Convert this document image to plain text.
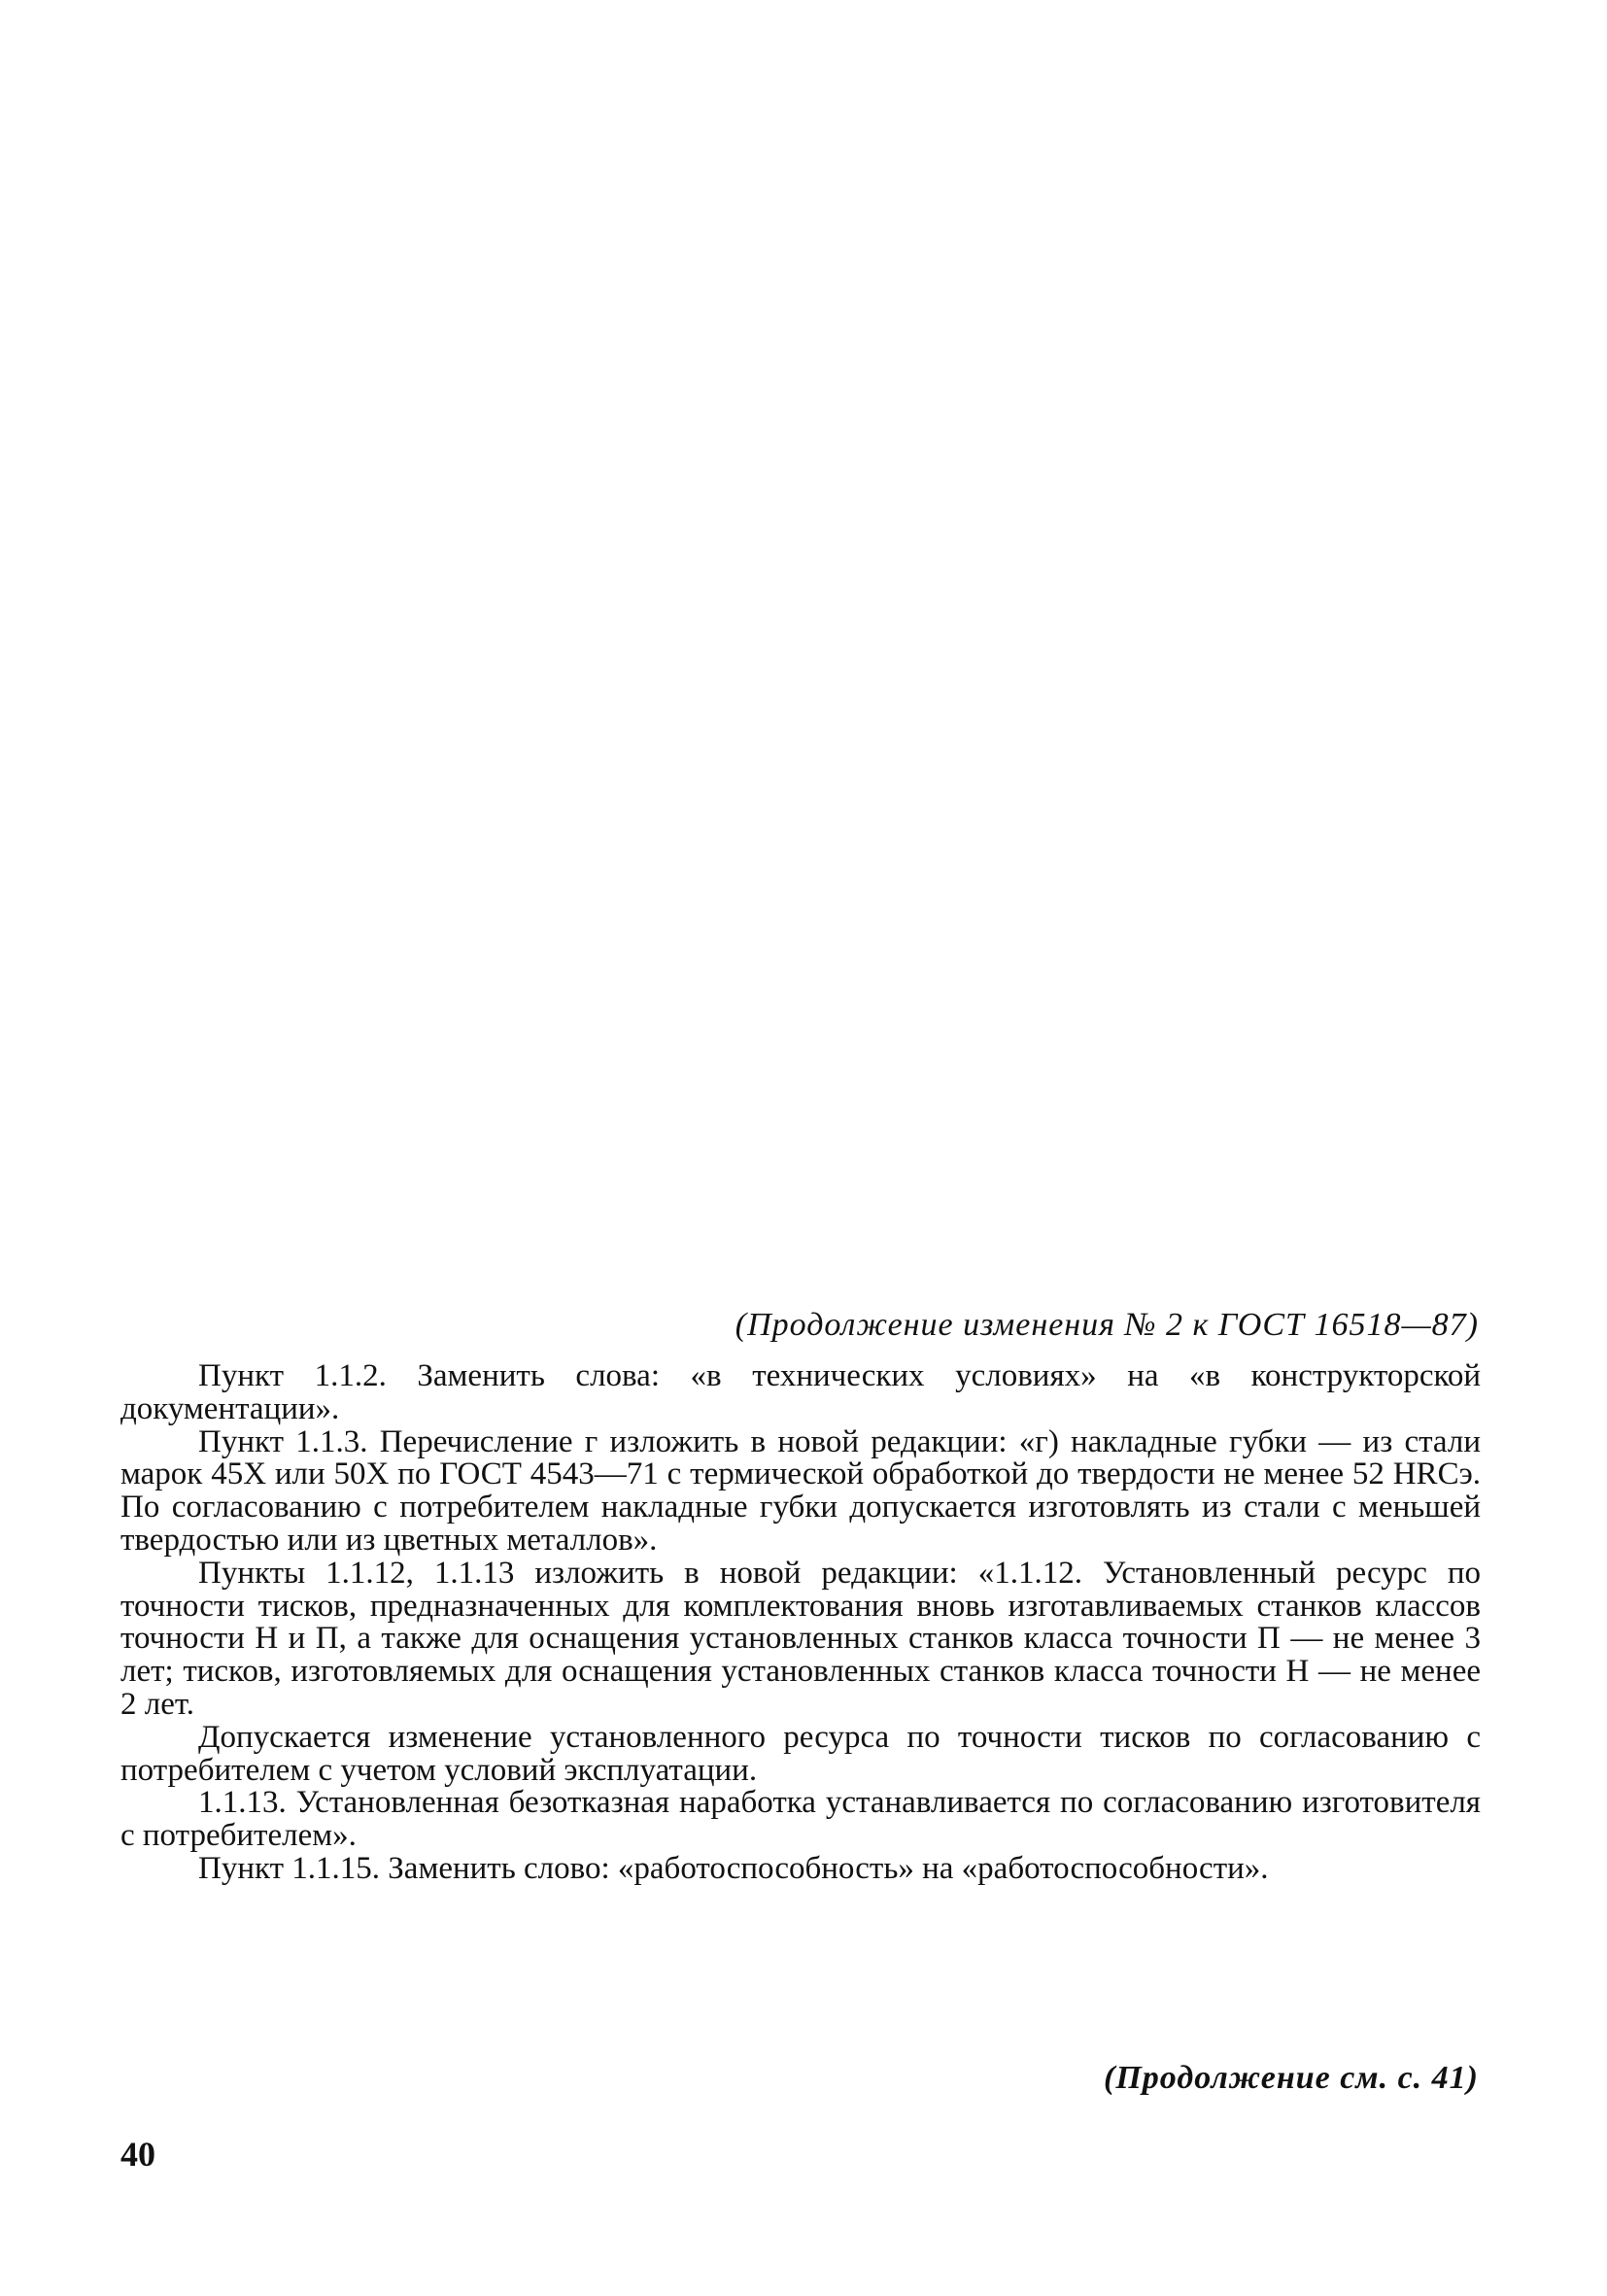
(Продолжение изменения № 2 к ГОСТ 16518—87)

Пункт 1.1.2. Заменить слова: «в технических условиях» на «в конструкторской документации».

Пункт 1.1.3. Перечисление г изложить в новой редакции: «г) накладные губки — из стали марок 45Х или 50Х по ГОСТ 4543—71 с термической обработкой до твердости не менее 52 HRCэ. По согласованию с потребителем накладные губки допускается изготовлять из стали с меньшей твердостью или из цветных металлов».

Пункты 1.1.12, 1.1.13 изложить в новой редакции: «1.1.12. Установленный ресурс по точности тисков, предназначенных для комплектования вновь изготавливаемых станков классов точности Н и П, а также для оснащения установленных станков класса точности П — не менее 3 лет; тисков, изготовляемых для оснащения установленных станков класса точности Н — не менее 2 лет.

Допускается изменение установленного ресурса по точности тисков по согласованию с потребителем с учетом условий эксплуатации.

1.1.13. Установленная безотказная наработка устанавливается по согласованию изготовителя с потребителем».

Пункт 1.1.15. Заменить слово: «работоспособность» на «работоспособности».

(Продолжение см. с. 41)
40
